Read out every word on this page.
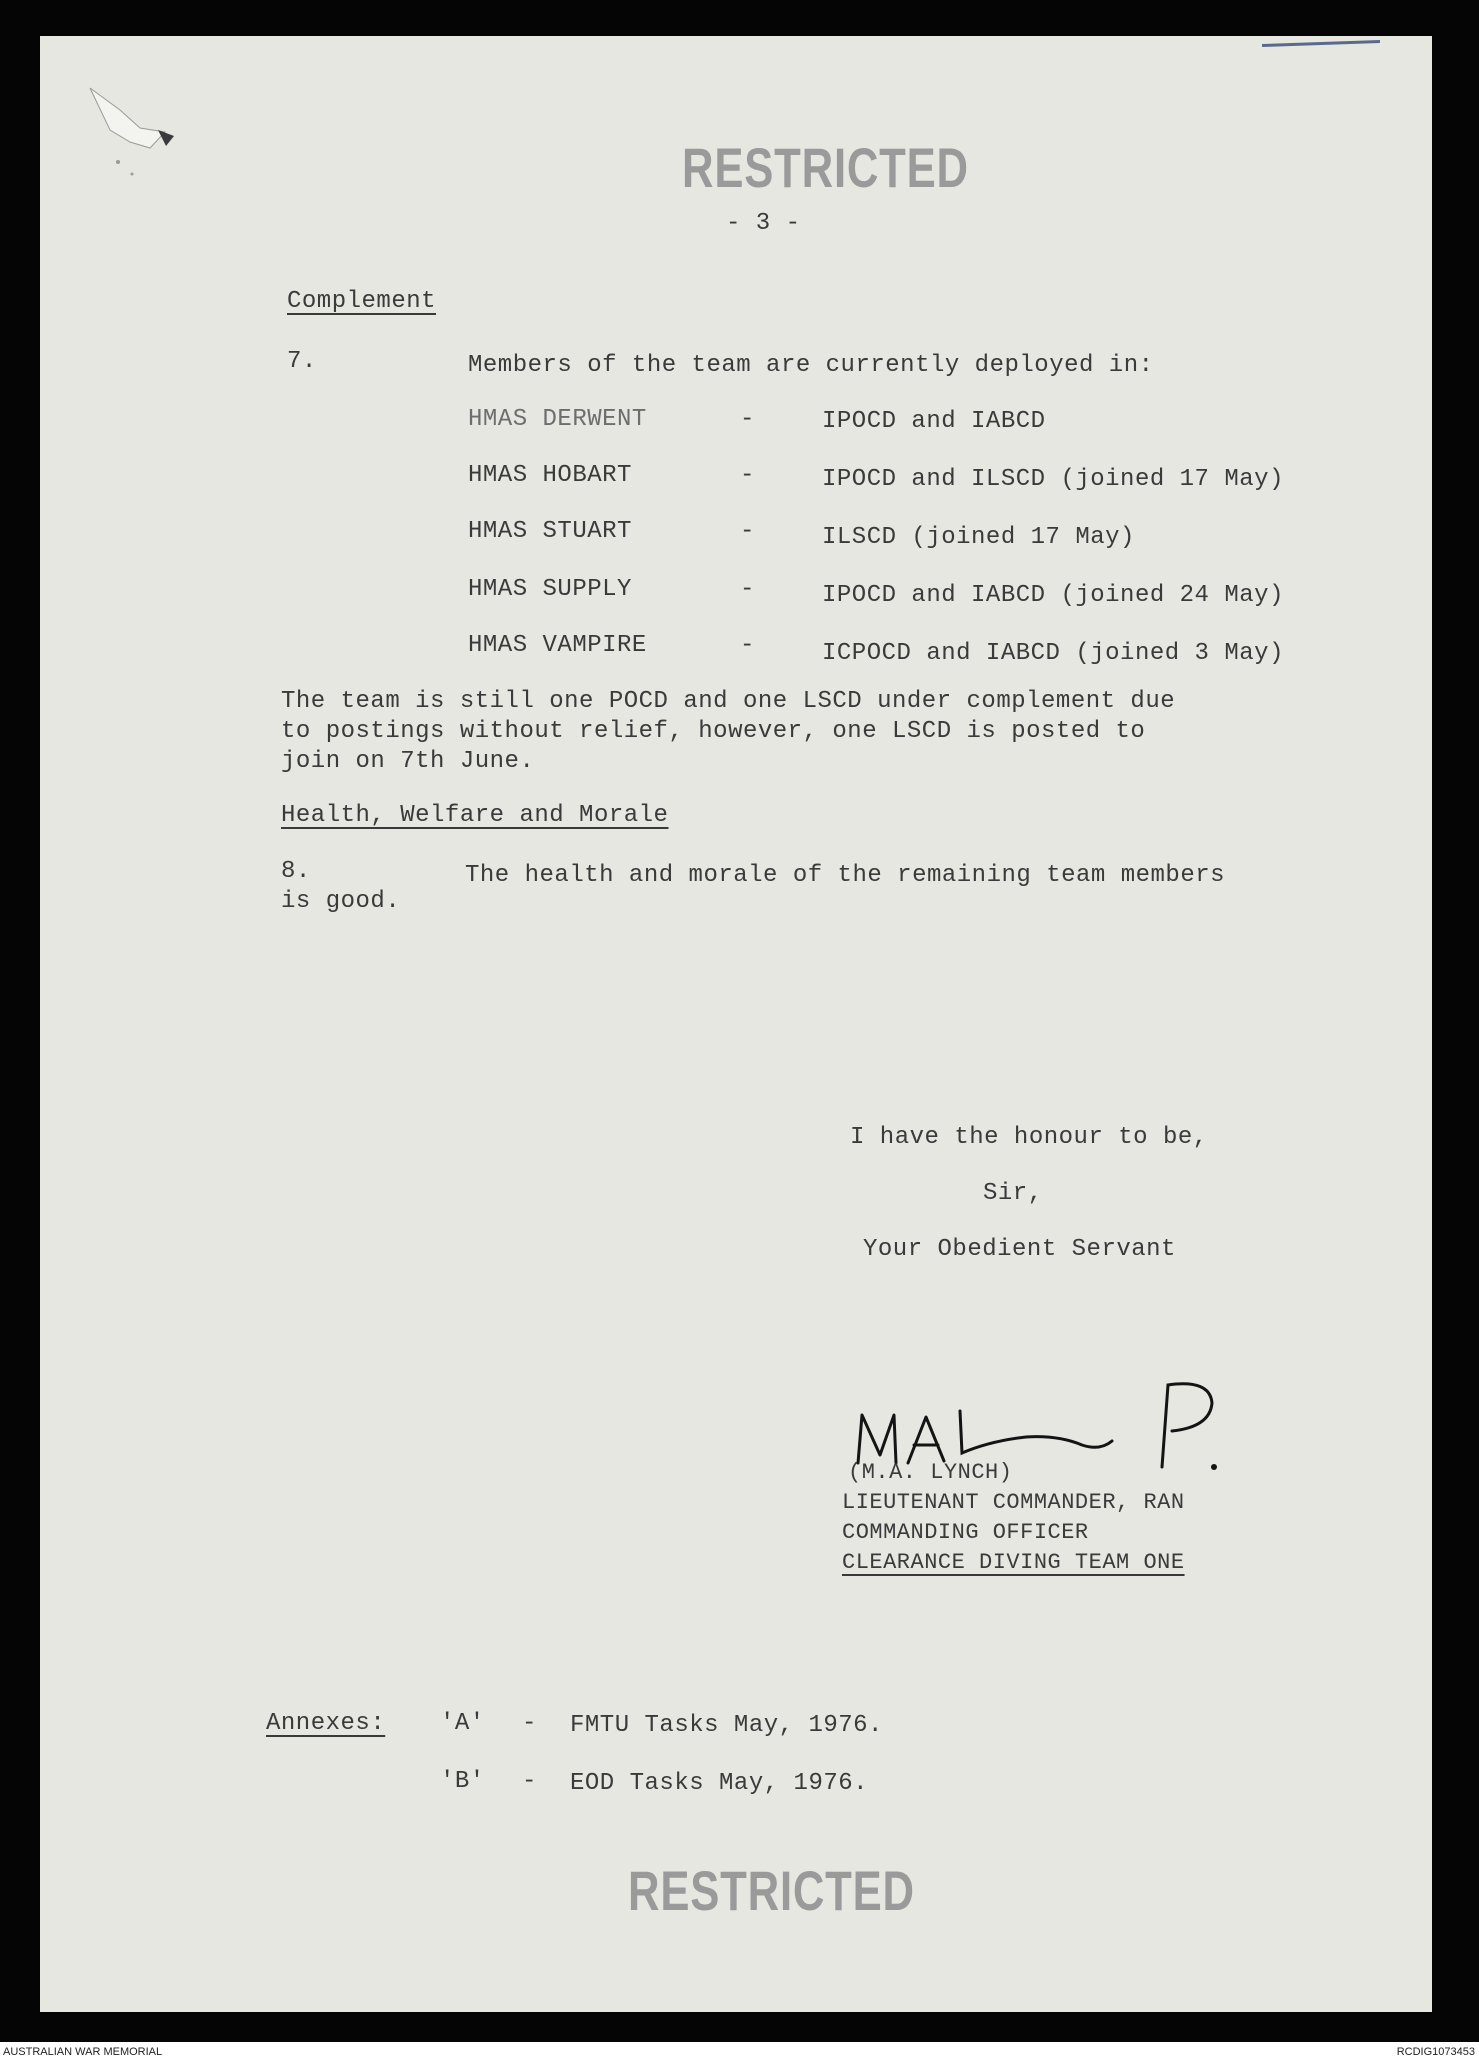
RESTRICTED
- 3 -
Complement
7.	Members of the team are currently deployed in:
HMAS DERWENT	-	IPOCD and IABCD
HMAS HOBART	-	IPOCD and ILSCD (joined 17 May)
HMAS STUART	-	ILSCD (joined 17 May)
HMAS SUPPLY	-	IPOCD and IABCD (joined 24 May)
HMAS VAMPIRE	-	ICPOCD and IABCD (joined 3 May)
The team is still one POCD and one LSCD under complement due
to postings without relief, however, one LSCD is posted to
join on 7th June.
Health, Welfare and Morale
8.	The health and morale of the remaining team members
is good.
I have the honour to be,
Sir,
Your Obedient Servant
(M.A. LYNCH)
LIEUTENANT COMMANDER, RAN
COMMANDING OFFICER
CLEARANCE DIVING TEAM ONE
Annexes: 'A' - FMTU Tasks May, 1976.
'B' - EOD Tasks May, 1976.
RESTRICTED
AUSTRALIAN WAR MEMORIAL	RCDIG1073453
